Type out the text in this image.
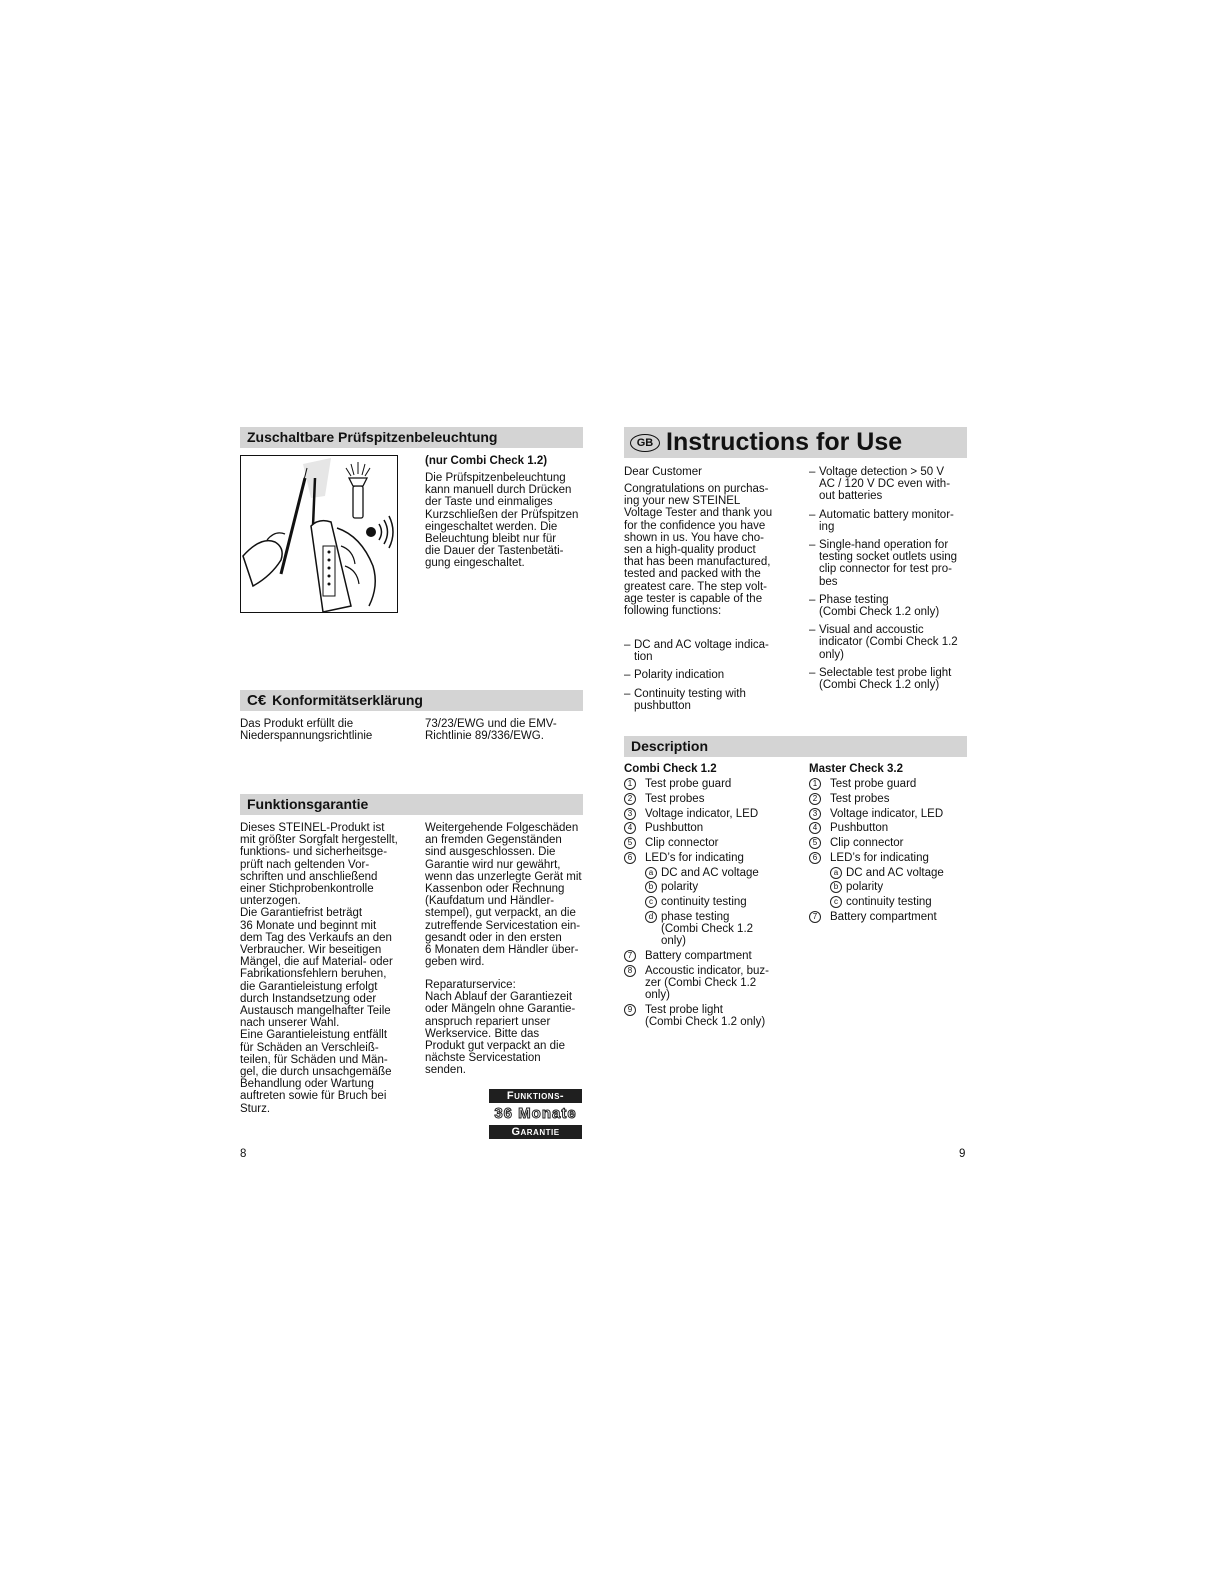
Zuschaltbare Prüfspitzenbeleuchtung
(nur Combi Check 1.2)
Die Prüfspitzenbeleuchtung
kann manuell durch Drücken
der Taste und einmaliges
Kurzschließen der Prüfspitzen
eingeschaltet werden. Die
Beleuchtung bleibt nur für
die Dauer der Tastenbetäti-
gung eingeschaltet.
C€ Konformitätserklärung
Das Produkt erfüllt die
Niederspannungsrichtlinie
73/23/EWG und die EMV-
Richtlinie 89/336/EWG.
Funktionsgarantie
Dieses STEINEL-Produkt ist
mit größter Sorgfalt hergestellt,
funktions- und sicherheitsge-
prüft nach geltenden Vor-
schriften und anschließend
einer Stichprobenkontrolle
unterzogen.
Die Garantiefrist beträgt
36 Monate und beginnt mit
dem Tag des Verkaufs an den
Verbraucher. Wir beseitigen
Mängel, die auf Material- oder
Fabrikationsfehlern beruhen,
die Garantieleistung erfolgt
durch Instandsetzung oder
Austausch mangelhafter Teile
nach unserer Wahl.
Eine Garantieleistung entfällt
für Schäden an Verschleiß-
teilen, für Schäden und Män-
gel, die durch unsachgemäße
Behandlung oder Wartung
auftreten sowie für Bruch bei
Sturz.
Weitergehende Folgeschäden
an fremden Gegenständen
sind ausgeschlossen. Die
Garantie wird nur gewährt,
wenn das unzerlegte Gerät mit
Kassenbon oder Rechnung
(Kaufdatum und Händler-
stempel), gut verpackt, an die
zutreffende Servicestation ein-
gesandt oder in den ersten
6 Monaten dem Händler über-
geben wird.
Reparaturservice:
Nach Ablauf der Garantiezeit
oder Mängeln ohne Garantie-
anspruch repariert unser
Werkservice. Bitte das
Produkt gut verpackt an die
nächste Servicestation
senden.
Funktions-
36 Monate
Garantie
8
GB Instructions for Use
Dear Customer
Congratulations on purchas-
ing your new STEINEL
Voltage Tester and thank you
for the confidence you have
shown in us. You have cho-
sen a high-quality product
that has been manufactured,
tested and packed with the
greatest care. The step volt-
age tester is capable of the
following functions:
– DC and AC voltage indica-
tion
– Polarity indication
– Continuity testing with
pushbutton
– Voltage detection > 50 V
AC / 120 V DC even with-
out batteries
– Automatic battery monitor-
ing
– Single-hand operation for
testing socket outlets using
clip connector for test pro-
bes
– Phase testing
(Combi Check 1.2 only)
– Visual and accoustic
indicator (Combi Check 1.2
only)
– Selectable test probe light
(Combi Check 1.2 only)
Description
Combi Check 1.2
1	Test probe guard
2	Test probes
3	Voltage indicator, LED
4	Pushbutton
5	Clip connector
6	LED’s for indicating
a DC and AC voltage
b polarity
c continuity testing
d phase testing
(Combi Check 1.2
only)
7	Battery compartment
8	Accoustic indicator, buz-
zer (Combi Check 1.2
only)
9	Test probe light
(Combi Check 1.2 only)
Master Check 3.2
1	Test probe guard
2	Test probes
3	Voltage indicator, LED
4	Pushbutton
5	Clip connector
6	LED’s for indicating
a DC and AC voltage
b polarity
c continuity testing
7	Battery compartment
9
